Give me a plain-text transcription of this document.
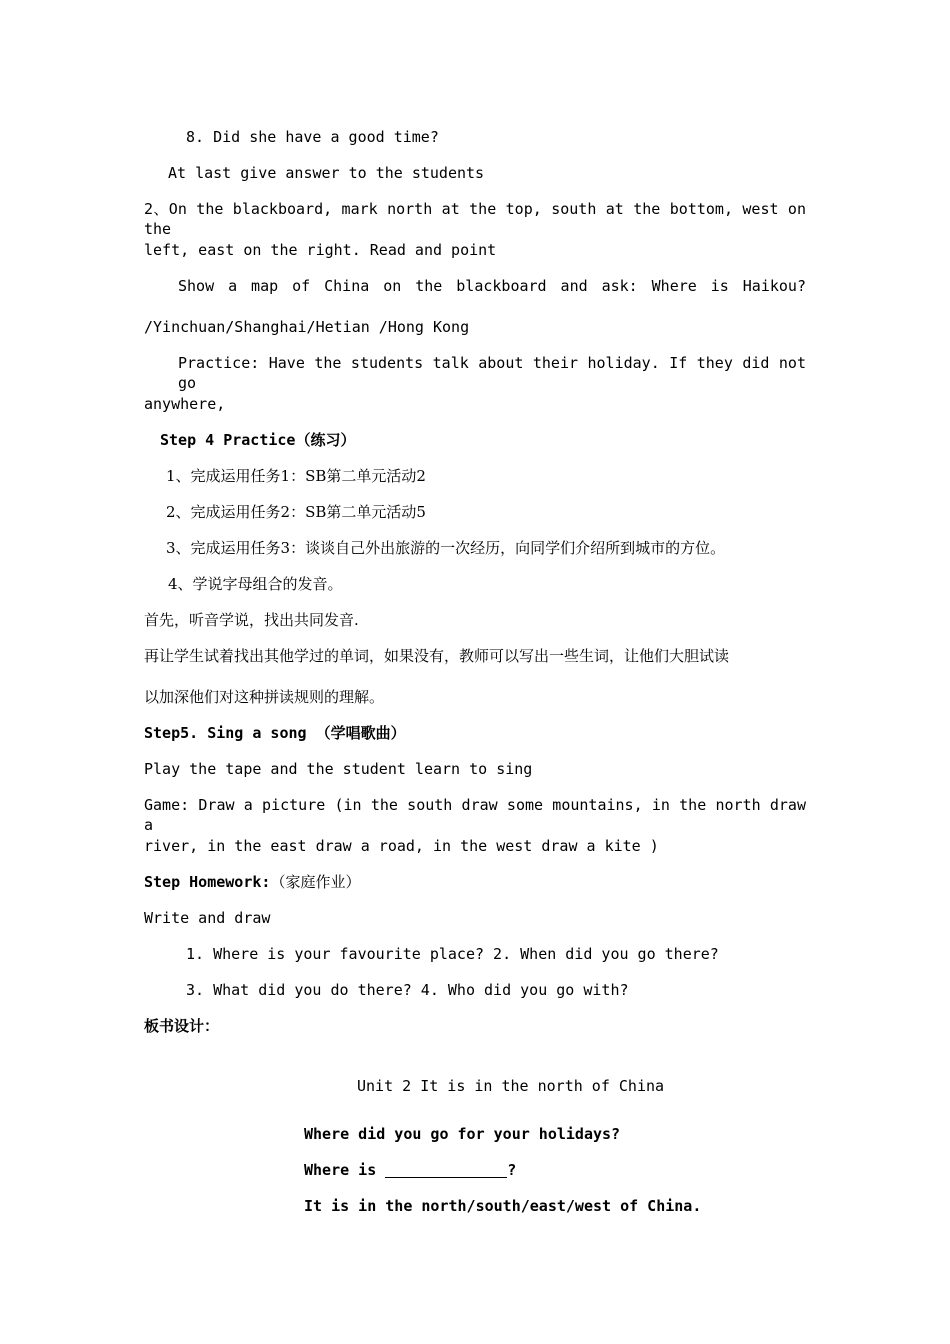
8. Did she have a good time?
At last give answer to the students
2、On the blackboard, mark north at the top, south at the bottom, west on the
left, east on the right. Read and point
Show a map of China on the blackboard and ask: Where is Haikou?
/Yinchuan/Shanghai/Hetian /Hong Kong
Practice: Have the students talk about their holiday. If they did not go
anywhere,
Step 4 Practice（练习）
1、完成运用任务1：SB第二单元活动2
2、完成运用任务2：SB第二单元活动5
3、完成运用任务3：谈谈自己外出旅游的一次经历，向同学们介绍所到城市的方位。
4、学说字母组合的发音。
首先，听音学说，找出共同发音.
再让学生试着找出其他学过的单词，如果没有，教师可以写出一些生词，让他们大胆试读
以加深他们对这种拼读规则的理解。
Step5. Sing a song （学唱歌曲）
Play the tape and the student learn to sing
Game: Draw a picture (in the south draw some mountains, in the north draw a
river, in the east draw a road, in the west draw a kite )
Step Homework:（家庭作业）
Write and draw
1. Where is your favourite place? 2. When did you go there?
3. What did you do there? 4. Who did you go with?
板书设计：
Unit 2 It is in the north of China
Where did you go for your holidays?
Where is	?
It is in the north/south/east/west of China.
